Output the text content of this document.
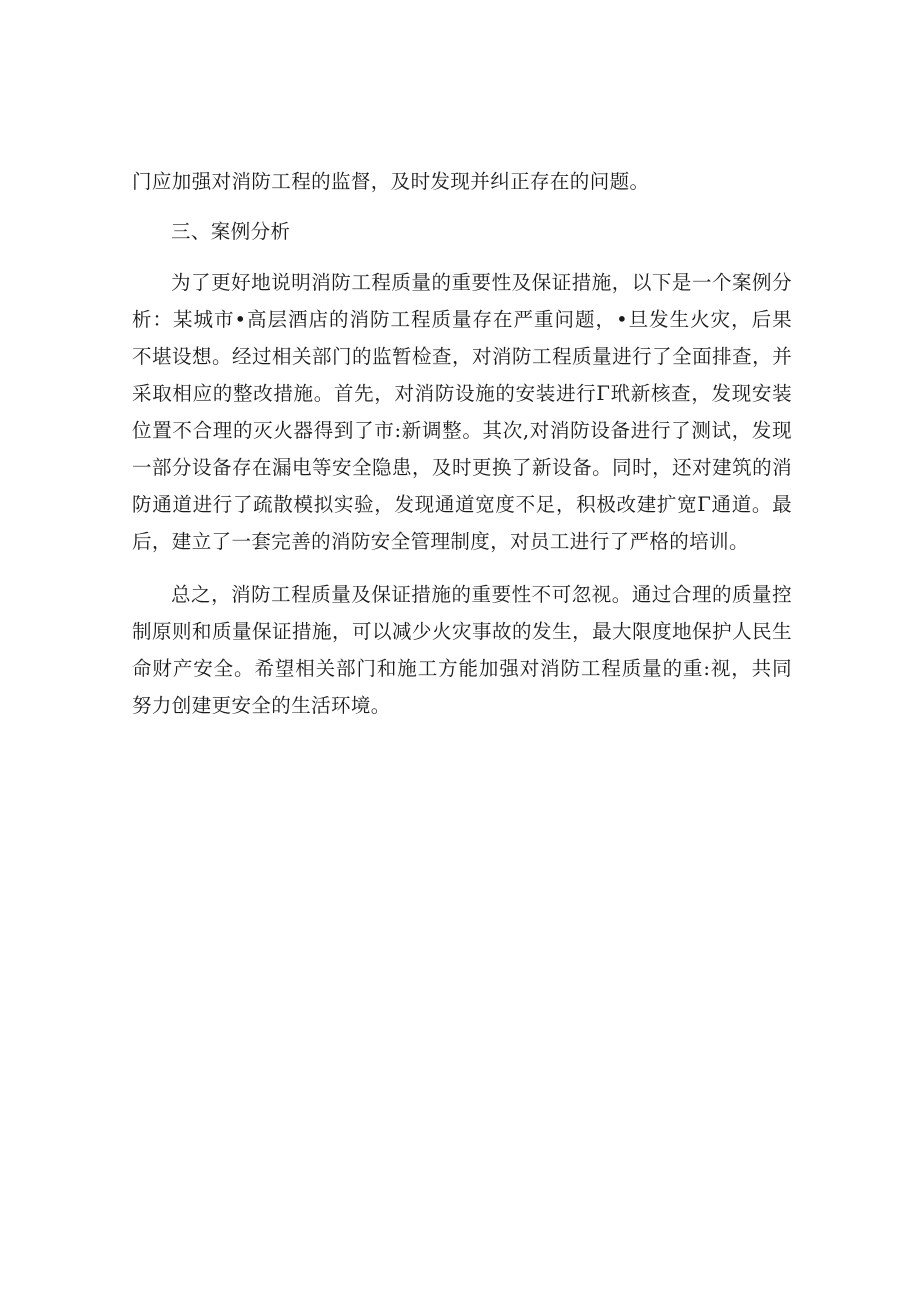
门应加强对消防工程的监督，及时发现并纠正存在的问题。

三、案例分析

为了更好地说明消防工程质量的重要性及保证措施，以下是一个案例分析：某城市•高层酒店的消防工程质量存在严重问题，•旦发生火灾，后果不堪设想。经过相关部门的监暂检查，对消防工程质量进行了全面排查，并采取相应的整改措施。首先，对消防设施的安装进行Γ玳新核查，发现安装位置不合理的灭火器得到了市:新调整。其次,对消防设备进行了测试，发现一部分设备存在漏电等安全隐患，及时更换了新设备。同时，还对建筑的消防通道进行了疏散模拟实验，发现通道宽度不足，积极改建扩宽Γ通道。最后，建立了一套完善的消防安全管理制度，对员工进行了严格的培训。

总之，消防工程质量及保证措施的重要性不可忽视。通过合理的质量控制原则和质量保证措施，可以减少火灾事故的发生，最大限度地保护人民生命财产安全。希望相关部门和施工方能加强对消防工程质量的重:视，共同努力创建更安全的生活环境。
